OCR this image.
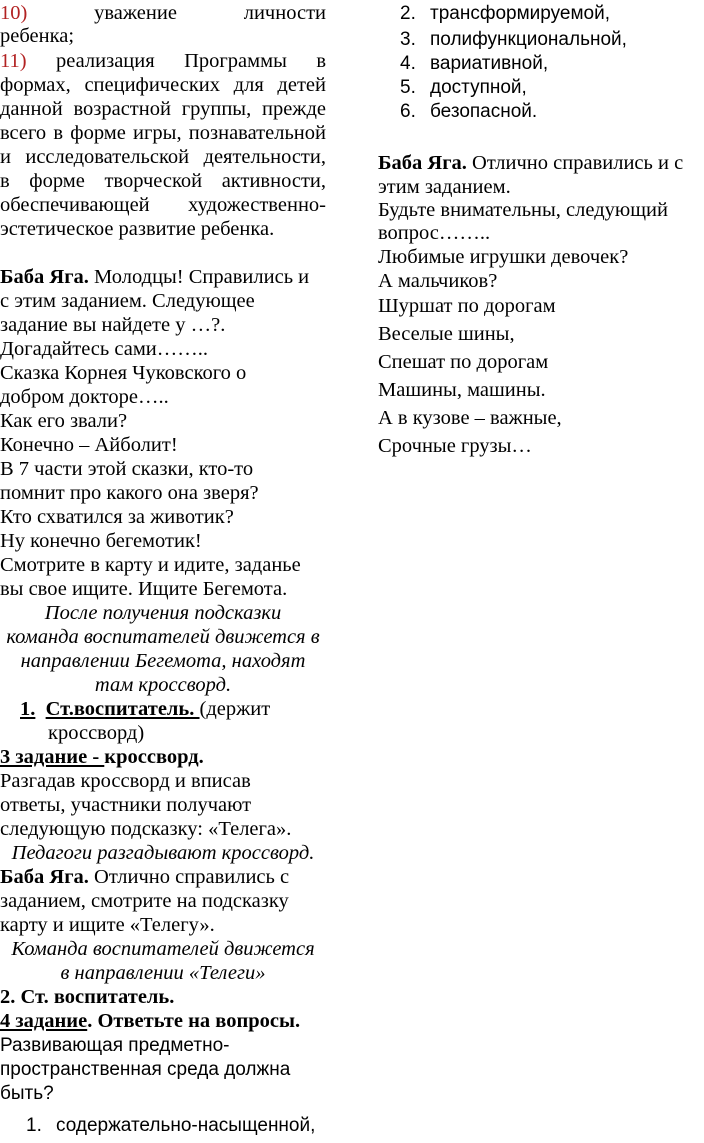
10)	уважение личности
ребенка;
11) реализация Программы в
формах, специфических для детей
данной возрастной группы, прежде
всего в форме игры, познавательной
и исследовательской деятельности,
в форме творческой активности,
обеспечивающей художественно-
эстетическое развитие ребенка.
Баба Яга. Молодцы! Справились и
с этим заданием. Следующее
задание вы найдете у …?.
Догадайтесь сами……..
Сказка Корнея Чуковского о
добром докторе…..
Как его звали?
Конечно – Айболит!
В 7 части этой сказки, кто-то
помнит про какого она зверя?
Кто схватился за животик?
Ну конечно бегемотик!
Смотрите в карту и идите, заданье
вы свое ищите. Ищите Бегемота.
После получения подсказки
команда воспитателей движется в
направлении Бегемота, находят
там кроссворд.
1. Ст.воспитатель. (держит
кроссворд)
3 задание - кроссворд.
Разгадав кроссворд и вписав
ответы, участники получают
следующую подсказку: «Телега».
Педагоги разгадывают кроссворд.
Баба Яга. Отлично справились с
заданием, смотрите на подсказку
карту и ищите «Телегу».
Команда воспитателей движется
в направлении «Телеги»
2. Ст. воспитатель.
4 задание. Ответьте на вопросы.
Развивающая предметно-
пространственная среда должна
быть?
1. содержательно-насыщенной,
2. трансформируемой,
3. полифункциональной,
4. вариативной,
5. доступной,
6. безопасной.
Баба Яга. Отлично справились и с
этим заданием.
Будьте внимательны, следующий
вопрос……..
Любимые игрушки девочек?
А мальчиков?
Шуршат по дорогам
Веселые шины,
Спешат по дорогам
Машины, машины.
А в кузове – важные,
Срочные грузы…
